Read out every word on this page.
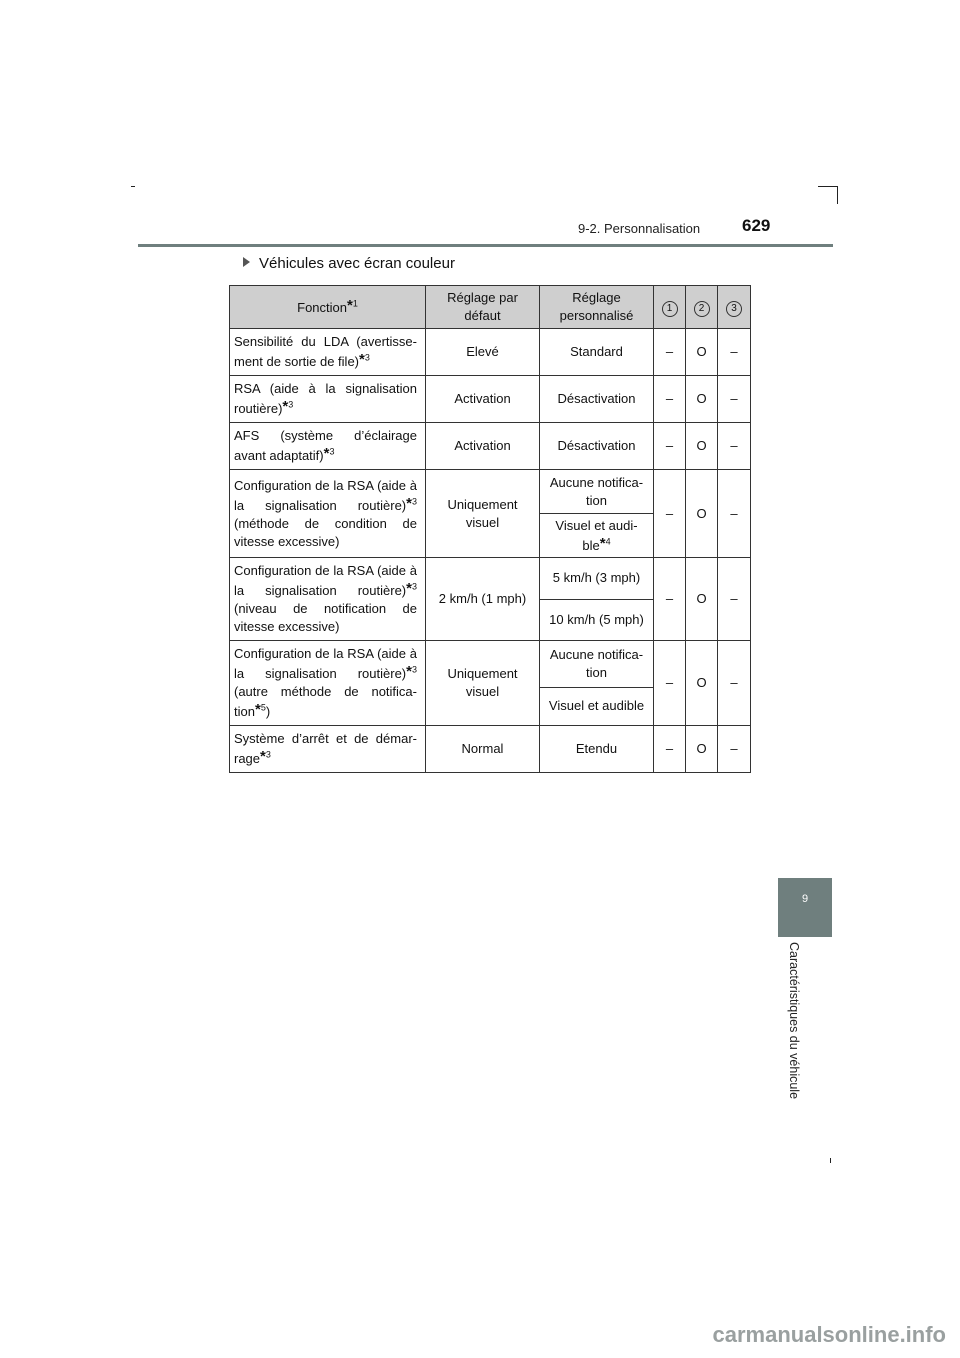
9-2. Personnalisation 629
Véhicules avec écran couleur
Fonction*$^1$	Réglage par défaut	Réglage personnalisé	1	2	3
Sensibilité du LDA (avertisse-ment de sortie de file)*$^3$	Elevé	Standard	–	O	–
RSA (aide à la signalisation routière)*$^3$	Activation	Désactivation	–	O	–
AFS (système d’éclairage avant adaptatif)*$^3$	Activation	Désactivation	–	O	–
Configuration de la RSA (aide à la signalisation routière)*$^3$ (méthode de condition de vitesse excessive)	Uniquement visuel	Aucune notifica-tion	–	O	–
		Visuel et audi-ble*$^4$
Configuration de la RSA (aide à la signalisation routière)*$^3$ (niveau de notification de vitesse excessive)	2 km/h (1 mph)	5 km/h (3 mph)	–	O	–
		10 km/h (5 mph)			
Configuration de la RSA (aide à la signalisation routière)*$^3$ (autre méthode de notifica-tion*$^5$)	Uniquement visuel	Aucune notifica-tion	–	O	–
		Visuel et audible			
Système d’arrêt et de démar-rage*$^3$	Normal	Etendu	–	O	–
9
Caractéristiques du véhicule
carmanualsonline.info
